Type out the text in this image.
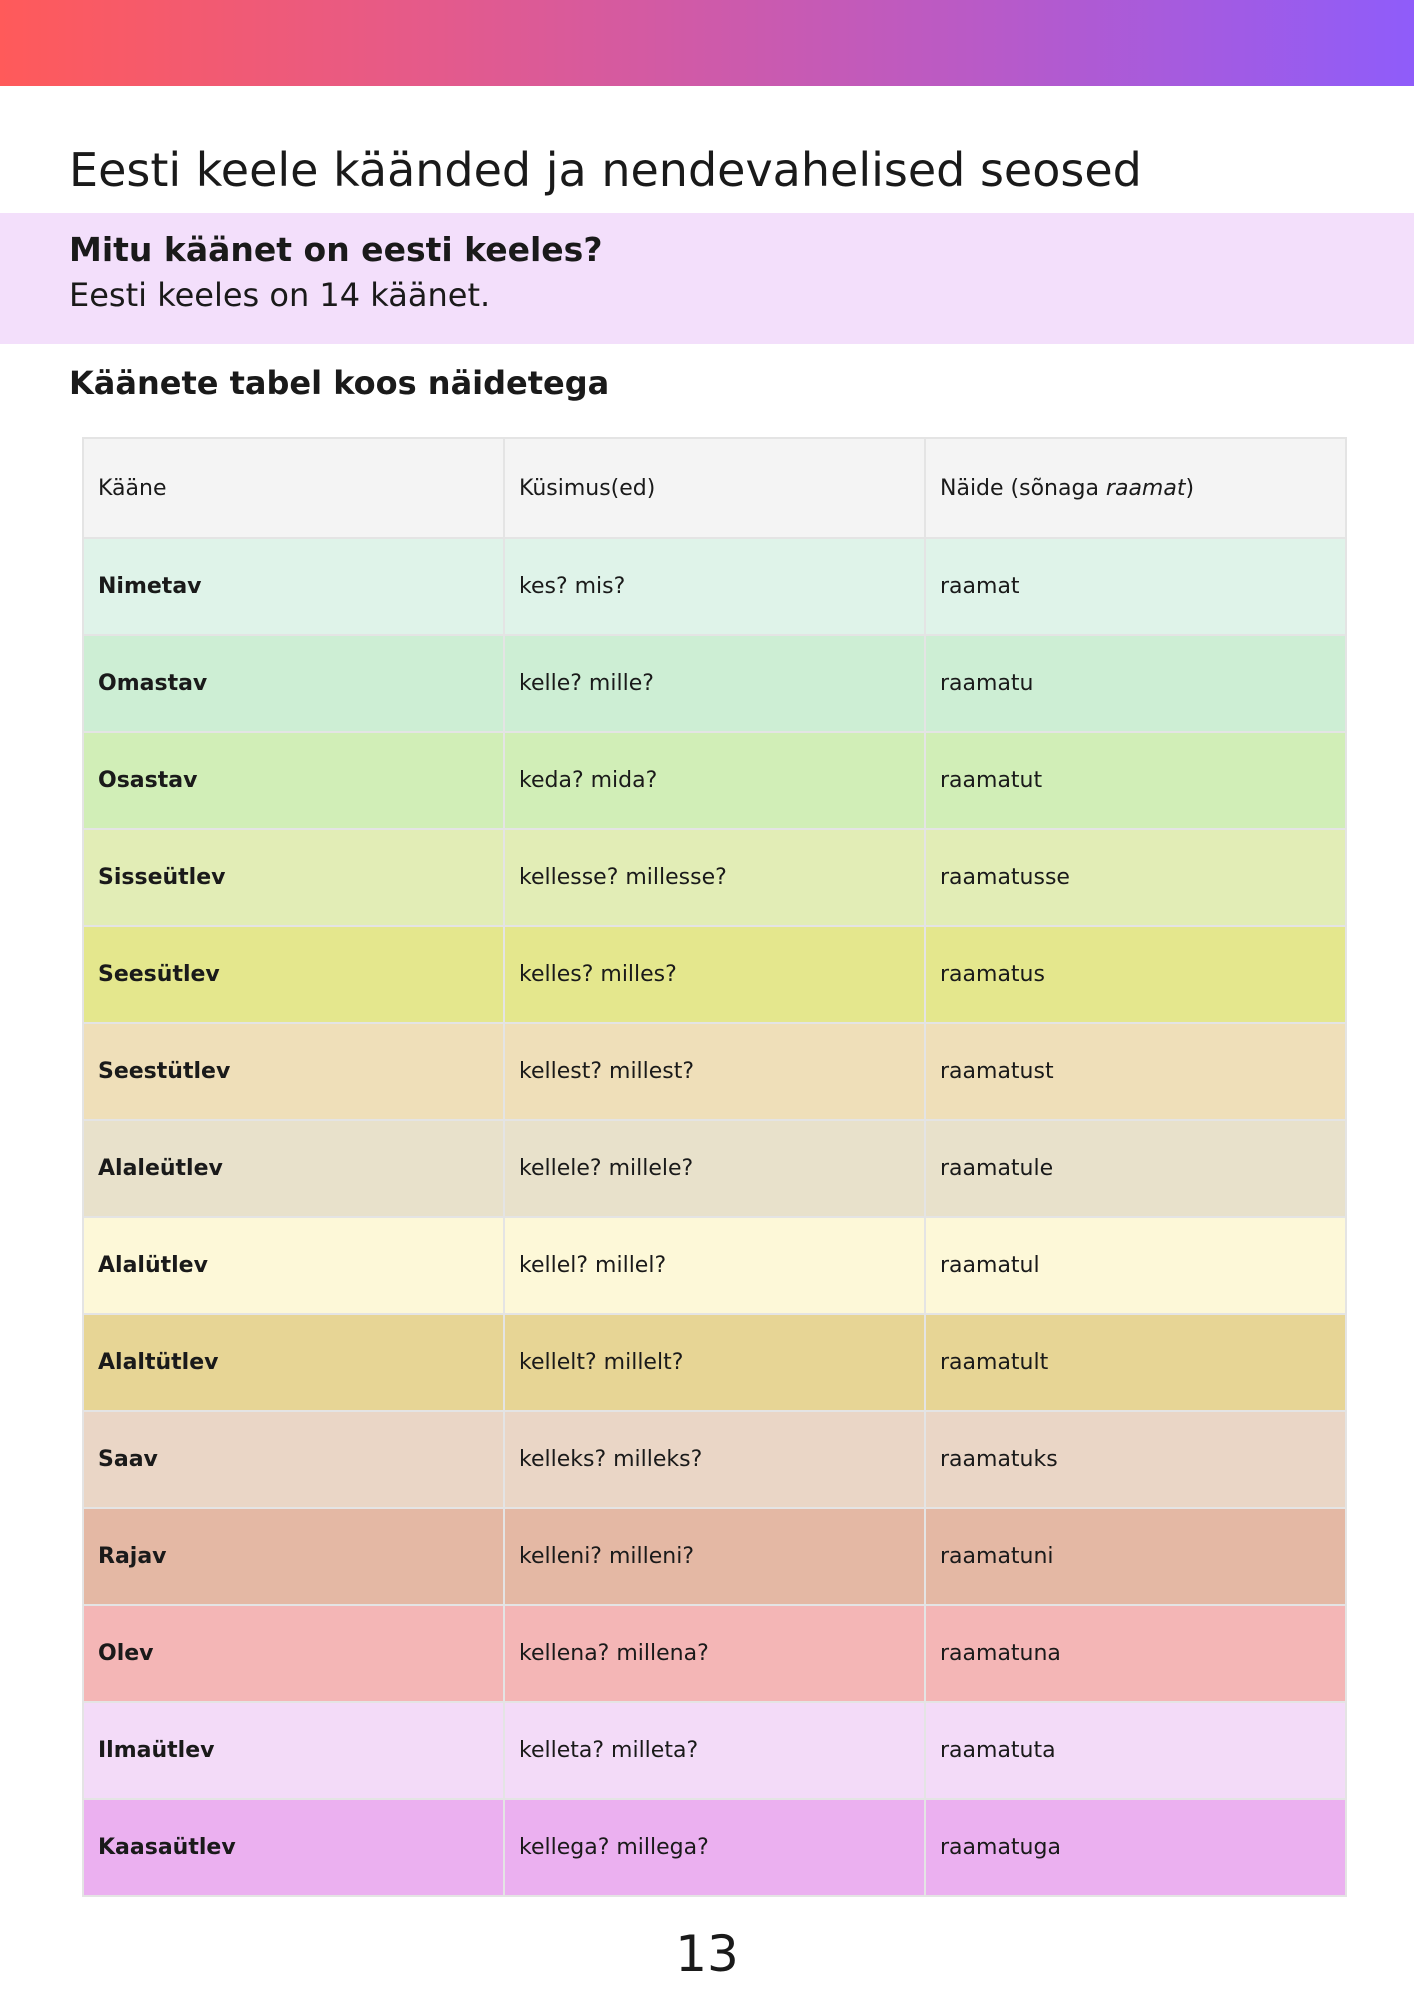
Eesti keele käänded ja nendevahelised seosed

Mitu käänet on eesti keeles?

Eesti keeles on 14 käänet.

Käänete tabel koos näidetega
Kääne	Küsimus(ed)	Näide (sõnaga raamat)
Nimetav	kes? mis?	raamat
Omastav	kelle? mille?	raamatu
Osastav	keda? mida?	raamatut
Sisseütlev	kellesse? millesse?	raamatusse
Seesütlev	kelles? milles?	raamatus
Seestütlev	kellest? millest?	raamatust
Alaleütlev	kellele? millele?	raamatule
Alalütlev	kellel? millel?	raamatul
Alaltütlev	kellelt? millelt?	raamatult
Saav	kelleks? milleks?	raamatuks
Rajav	kelleni? milleni?	raamatuni
Olev	kellena? millena?	raamatuna
Ilmaütlev	kelleta? milleta?	raamatuta
Kaasaütlev	kellega? millega?	raamatuga

13
